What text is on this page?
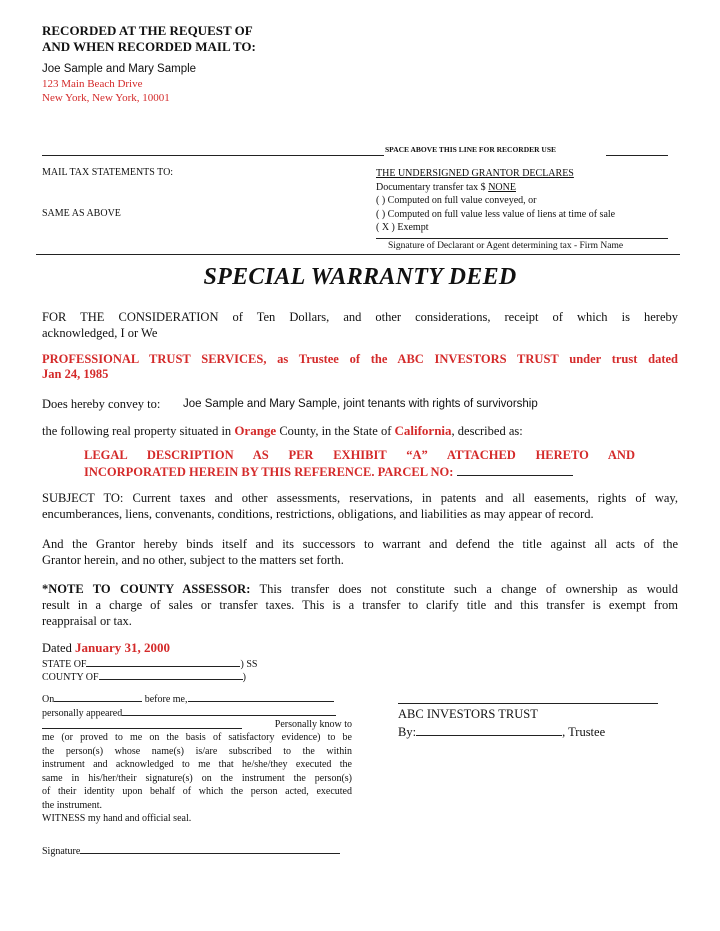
RECORDED AT THE REQUEST OF
AND WHEN RECORDED MAIL TO:
Joe Sample and Mary Sample
123 Main Beach Drive
New York, New York, 10001
SPACE ABOVE THIS LINE FOR RECORDER USE
MAIL TAX STATEMENTS TO:
SAME AS ABOVE
THE UNDERSIGNED GRANTOR DECLARES
Documentary transfer tax $ NONE
( ) Computed on full value conveyed, or
( ) Computed on full value less value of liens at time of sale
( X ) Exempt
Signature of Declarant or Agent determining tax - Firm Name
SPECIAL WARRANTY DEED
FOR THE CONSIDERATION of Ten Dollars, and other considerations, receipt of which is hereby
acknowledged, I or We
PROFESSIONAL TRUST SERVICES, as Trustee of the ABC INVESTORS TRUST under trust dated
Jan 24, 1985
Does hereby convey to: Joe Sample and Mary Sample, joint tenants with rights of survivorship
the following real property situated in Orange County, in the State of California, described as:
LEGAL DESCRIPTION AS PER EXHIBIT “A” ATTACHED HERETO AND
INCORPORATED HEREIN BY THIS REFERENCE. PARCEL NO:
SUBJECT TO: Current taxes and other assessments, reservations, in patents and all easements, rights of way,
encumberances, liens, convenants, conditions, restrictions, obligations, and liabilities as may appear of record.
And the Grantor hereby binds itself and its successors to warrant and defend the title against all acts of the
Grantor herein, and no other, subject to the matters set forth.
*NOTE TO COUNTY ASSESSOR: This transfer does not constitute such a change of ownership as would
result in a charge of sales or transfer taxes. This is a transfer to clarify title and this transfer is exempt from
reappraisal or tax.
Dated January 31, 2000
STATE OF	) SS
COUNTY OF	)
On	before me,
personally appeared
Personally know to
me (or proved to me on the basis of satisfactory evidence) to be
the person(s) whose name(s) is/are subscribed to the within
instrument and acknowledged to me that he/she/they executed the
same in his/her/their signature(s) on the instrument the person(s)
of their identity upon behalf of which the person acted, executed
the instrument.
WITNESS my hand and official seal.
Signature
ABC INVESTORS TRUST
By:	, Trustee
